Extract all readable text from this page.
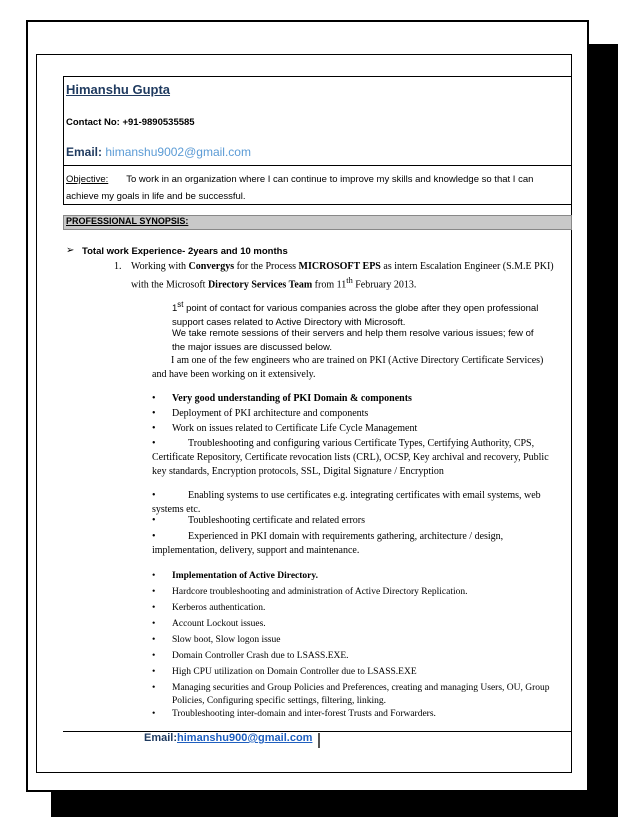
Himanshu Gupta

Contact No: +91-9890535585

Email: himanshu9002@gmail.com

Objective: To work in an organization where I can continue to improve my skills and knowledge so that I can achieve my goals in life and be successful.

PROFESSIONAL SYNOPSIS:

➢ Total work Experience- 2years and 10 months

1. Working with Convergys for the Process MICROSOFT EPS as intern Escalation Engineer (S.M.E PKI) with the Microsoft Directory Services Team from 11th February 2013.

1st point of contact for various companies across the globe after they open professional support cases related to Active Directory with Microsoft.

We take remote sessions of their servers and help them resolve various issues; few of the major issues are discussed below.

I am one of the few engineers who are trained on PKI (Active Directory Certificate Services) and have been working on it extensively.

•	Very good understanding of PKI Domain & components
•	Deployment of PKI architecture and components
•	Work on issues related to Certificate Life Cycle Management
•	Troubleshooting and configuring various Certificate Types, Certifying Authority, CPS, Certificate Repository, Certificate revocation lists (CRL), OCSP, Key archival and recovery, Public key standards, Encryption protocols, SSL, Digital Signature / Encryption
•	Enabling systems to use certificates e.g. integrating certificates with email systems, web systems etc.
•	Toubleshooting certificate and related errors
•	Experienced in PKI domain with requirements gathering, architecture / design, implementation, delivery, support and maintenance.
•	Implementation of Active Directory.
•	Hardcore troubleshooting and administration of Active Directory Replication.
•	Kerberos authentication.
•	Account Lockout issues.
•	Slow boot, Slow logon issue
•	Domain Controller Crash due to LSASS.EXE.
•	High CPU utilization on Domain Controller due to LSASS.EXE
•	Managing securities and Group Policies and Preferences, creating and managing Users, OU, Group Policies, Configuring specific settings, filtering, linking.
•	Troubleshooting inter-domain and inter-forest Trusts and Forwarders.

Email:himanshu900@gmail.com
